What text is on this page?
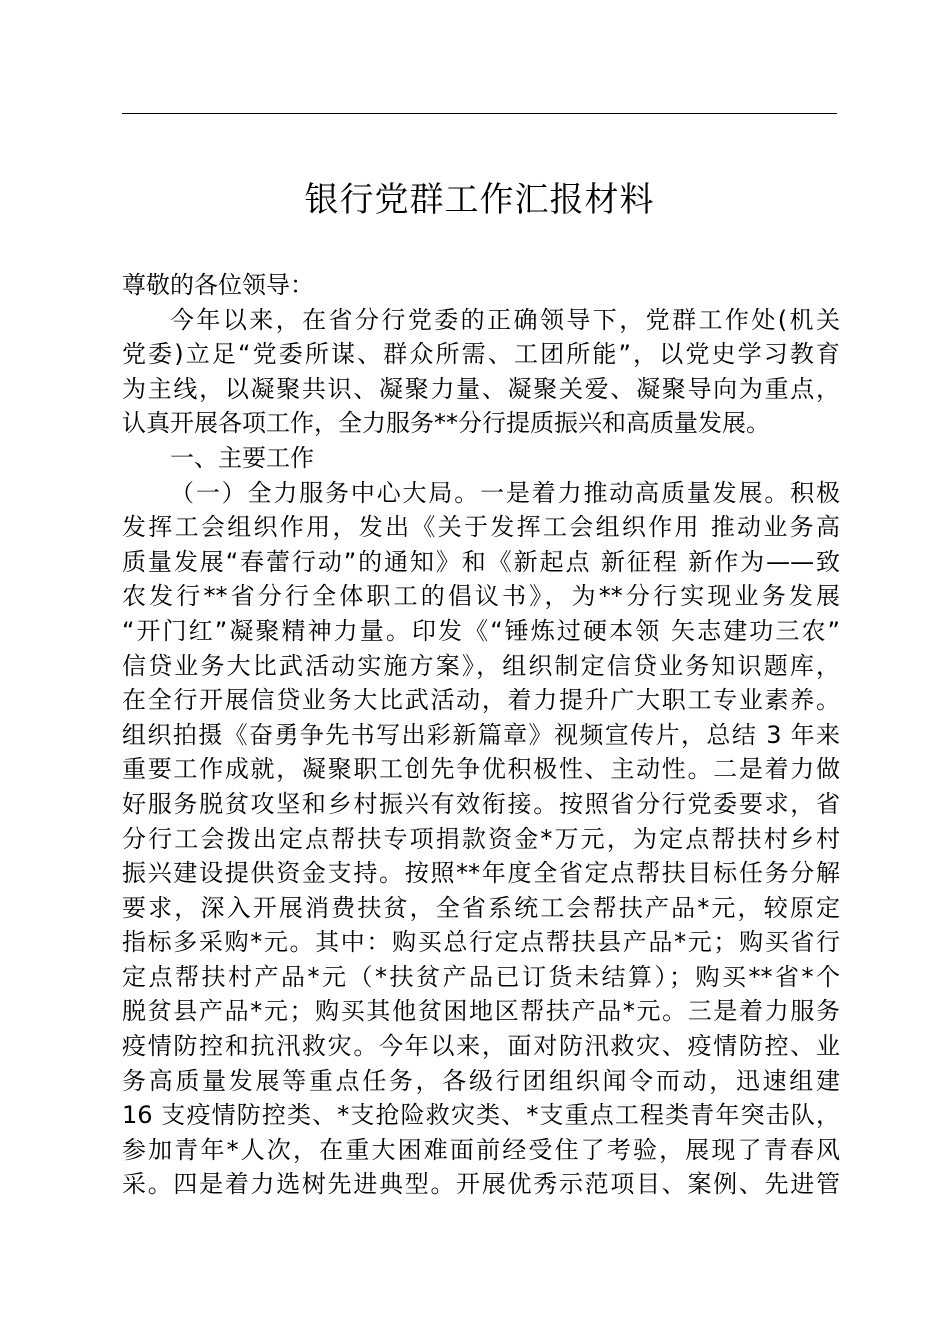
银行党群工作汇报材料
尊敬的各位领导：
今年以来，在省分行党委的正确领导下，党群工作处(机关
党委)立足“党委所谋、群众所需、工团所能”，以党史学习教育
为主线，以凝聚共识、凝聚力量、凝聚关爱、凝聚导向为重点，
认真开展各项工作，全力服务**分行提质振兴和高质量发展。
一、主要工作
（一）全力服务中心大局。一是着力推动高质量发展。积极
发挥工会组织作用，发出《关于发挥工会组织作用 推动业务高
质量发展“春蕾行动”的通知》和《新起点 新征程 新作为——致
农发行**省分行全体职工的倡议书》，为**分行实现业务发展
“开门红”凝聚精神力量。印发《“锤炼过硬本领 矢志建功三农”
信贷业务大比武活动实施方案》，组织制定信贷业务知识题库，
在全行开展信贷业务大比武活动，着力提升广大职工专业素养。
组织拍摄《奋勇争先书写出彩新篇章》视频宣传片，总结 3 年来
重要工作成就，凝聚职工创先争优积极性、主动性。二是着力做
好服务脱贫攻坚和乡村振兴有效衔接。按照省分行党委要求，省
分行工会拨出定点帮扶专项捐款资金*万元，为定点帮扶村乡村
振兴建设提供资金支持。按照**年度全省定点帮扶目标任务分解
要求，深入开展消费扶贫，全省系统工会帮扶产品*元，较原定
指标多采购*元。其中：购买总行定点帮扶县产品*元；购买省行
定点帮扶村产品*元（*扶贫产品已订货未结算）；购买**省*个
脱贫县产品*元；购买其他贫困地区帮扶产品*元。三是着力服务
疫情防控和抗汛救灾。今年以来，面对防汛救灾、疫情防控、业
务高质量发展等重点任务，各级行团组织闻令而动，迅速组建
16 支疫情防控类、*支抢险救灾类、*支重点工程类青年突击队，
参加青年*人次，在重大困难面前经受住了考验，展现了青春风
采。四是着力选树先进典型。开展优秀示范项目、案例、先进管
